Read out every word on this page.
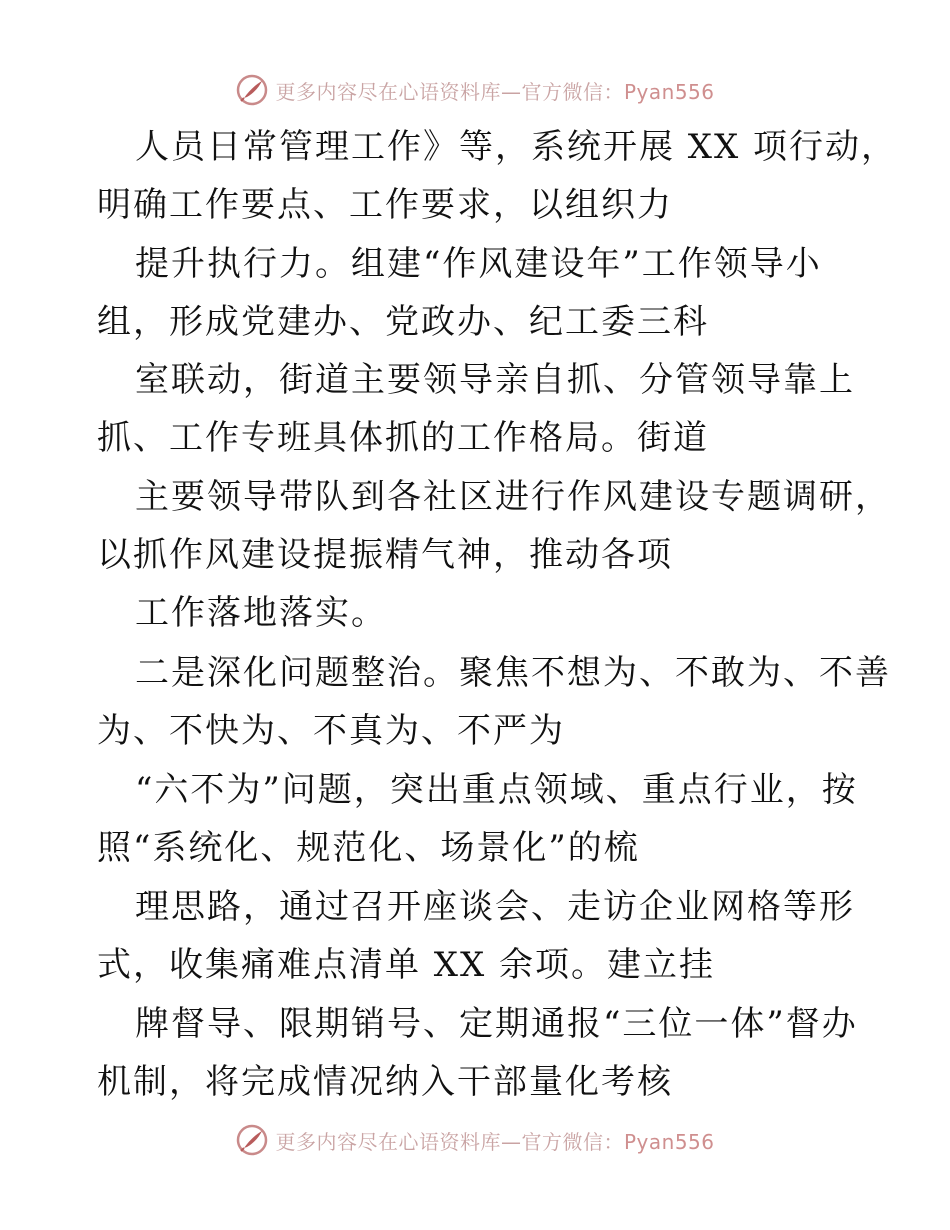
更多内容尽在心语资料库—官方微信：Pyan556
人员日常管理工作》等，系统开展 XX 项行动，
明确工作要点、工作要求，以组织力
提升执行力。组建“作风建设年”工作领导小
组，形成党建办、党政办、纪工委三科
室联动，街道主要领导亲自抓、分管领导靠上
抓、工作专班具体抓的工作格局。街道
主要领导带队到各社区进行作风建设专题调研，
以抓作风建设提振精气神，推动各项
工作落地落实。
二是深化问题整治。聚焦不想为、不敢为、不善
为、不快为、不真为、不严为
“六不为”问题，突出重点领域、重点行业，按
照“系统化、规范化、场景化”的梳
理思路，通过召开座谈会、走访企业网格等形
式，收集痛难点清单 XX 余项。建立挂
牌督导、限期销号、定期通报“三位一体”督办
机制，将完成情况纳入干部量化考核
更多内容尽在心语资料库—官方微信：Pyan556
